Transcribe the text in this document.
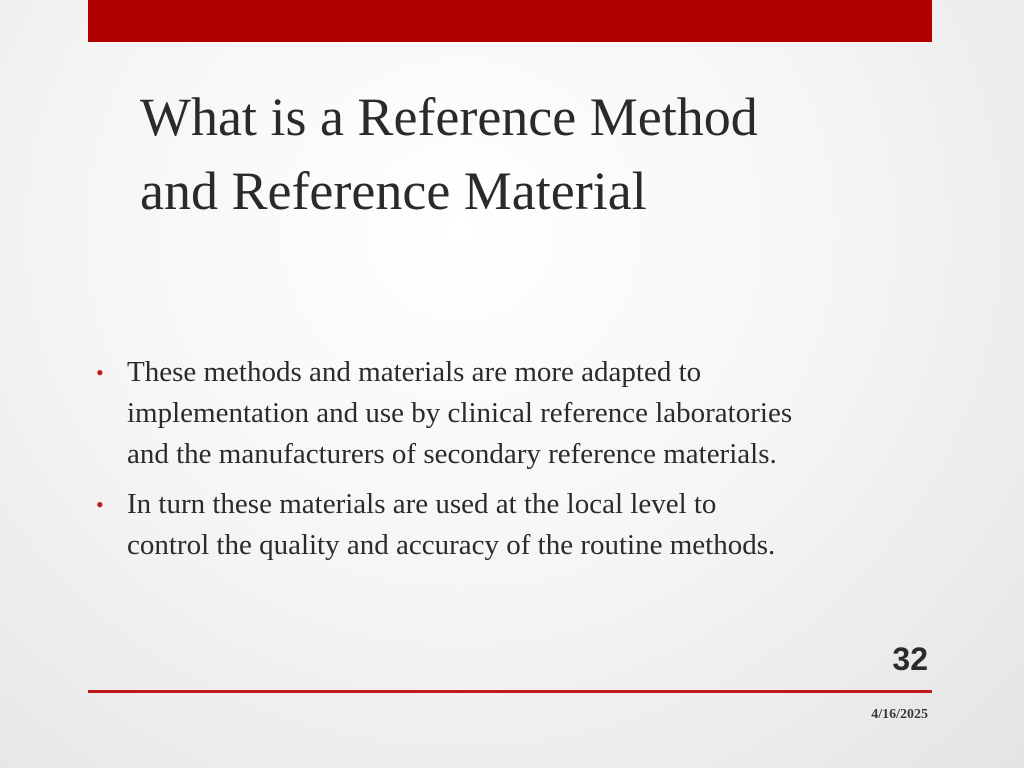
What is a Reference Method
and Reference Material
• These methods and materials are more adapted to
implementation and use by clinical reference laboratories
and the manufacturers of secondary reference materials.
• In turn these materials are used at the local level to
control the quality and accuracy of the routine methods.
32
4/16/2025
